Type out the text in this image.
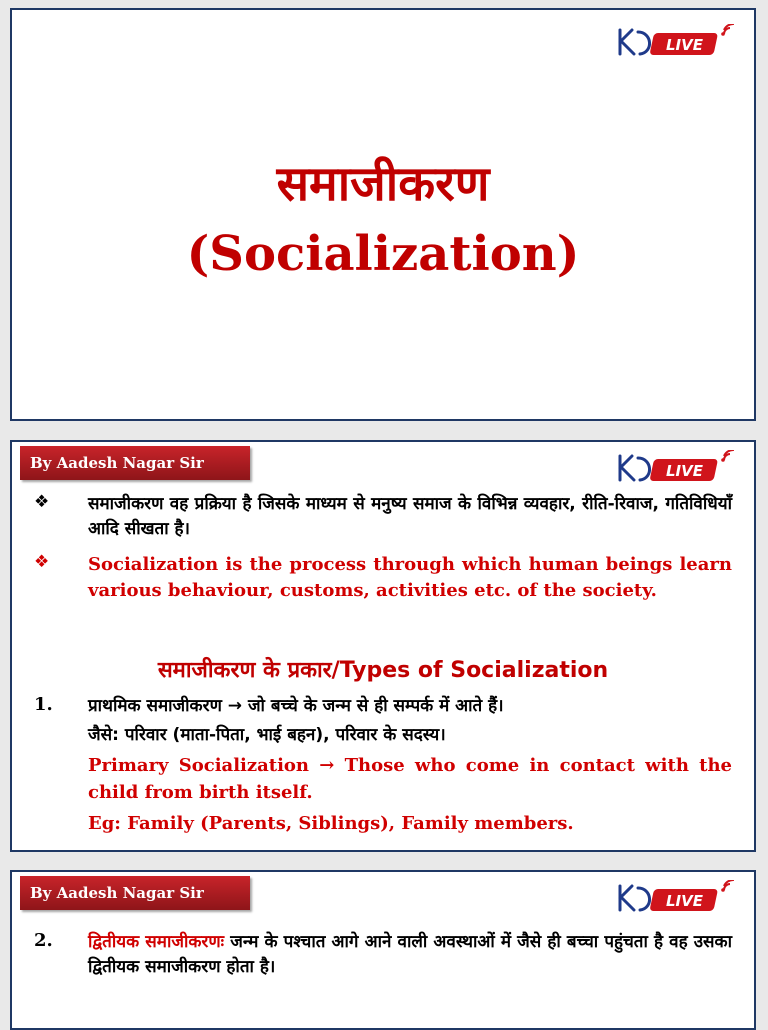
LIVE
समाजीकरण
(Socialization)
By Aadesh Nagar Sir	LIVE
❖	समाजीकरण वह प्रक्रिया है जिसके माध्यम से मनुष्य समाज के विभिन्न व्यवहार, रीति-रिवाज, गतिविधियाँ आदि सीखता है।
❖	Socialization is the process through which human beings learn various behaviour, customs, activities etc. of the society.
समाजीकरण के प्रकार/Types of Socialization
1. प्राथमिक समाजीकरण → जो बच्चे के जन्म से ही सम्पर्क में आते हैं।
जैसे: परिवार (माता-पिता, भाई बहन), परिवार के सदस्य।
Primary Socialization → Those who come in contact with the child from birth itself.
Eg: Family (Parents, Siblings), Family members.
By Aadesh Nagar Sir	LIVE
2. द्वितीयक समाजीकरणः जन्म के पश्चात आगे आने वाली अवस्थाओं में जैसे ही बच्चा पहुंचता है वह उसका द्वितीयक समाजीकरण होता है।
